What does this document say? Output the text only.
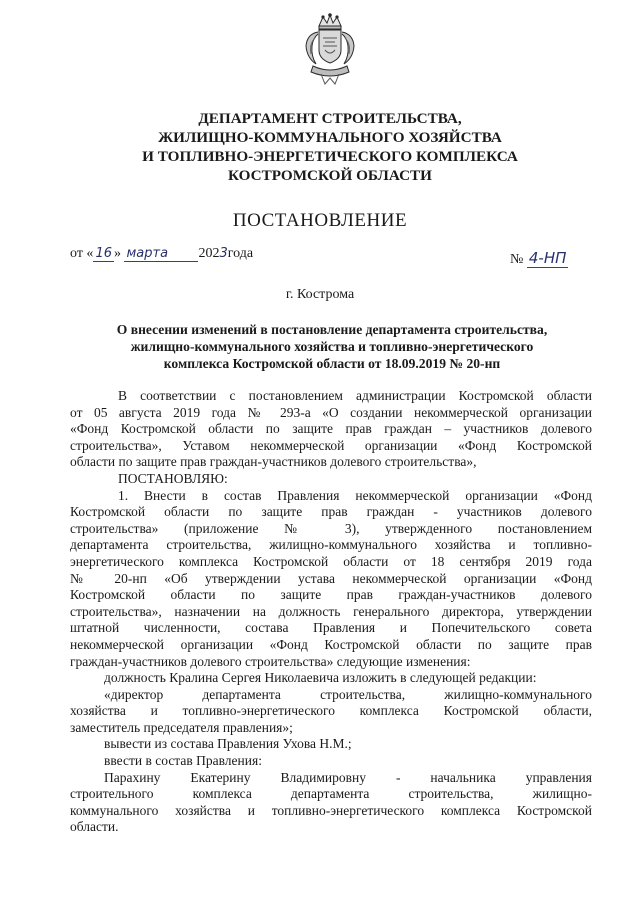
ДЕПАРТАМЕНТ СТРОИТЕЛЬСТВА,
ЖИЛИЩНО-КОММУНАЛЬНОГО ХОЗЯЙСТВА
И ТОПЛИВНО-ЭНЕРГЕТИЧЕСКОГО КОМПЛЕКСА
КОСТРОМСКОЙ ОБЛАСТИ
ПОСТАНОВЛЕНИЕ
от « 16 » марта 2023года	№ 4-НП
г. Кострома
О внесении изменений в постановление департамента строительства,
жилищно-коммунального хозяйства и топливно-энергетического
комплекса Костромской области от 18.09.2019 № 20-нп

В соответствии с постановлением администрации Костромской области

от 05 августа 2019 года № 293-а «О создании некоммерческой организации

«Фонд Костромской области по защите прав граждан – участников долевого

строительства», Уставом некоммерческой организации «Фонд Костромской

области по защите прав граждан-участников долевого строительства»,

ПОСТАНОВЛЯЮ:

1. Внести в состав Правления некоммерческой организации «Фонд

Костромской области по защите прав граждан - участников долевого

строительства» (приложение № 3), утвержденного постановлением

департамента строительства, жилищно-коммунального хозяйства и топливно-

энергетического комплекса Костромской области от 18 сентября 2019 года

№ 20-нп «Об утверждении устава некоммерческой организации «Фонд

Костромской области по защите прав граждан-участников долевого

строительства», назначении на должность генерального директора, утверждении

штатной численности, состава Правления и Попечительского совета

некоммерческой организации «Фонд Костромской области по защите прав

граждан-участников долевого строительства» следующие изменения:

должность Кралина Сергея Николаевича изложить в следующей редакции:

«директор департамента строительства, жилищно-коммунального

хозяйства и топливно-энергетического комплекса Костромской области,

заместитель председателя правления»;

вывести из состава Правления Ухова Н.М.;

ввести в состав Правления:

Парахину Екатерину Владимировну - начальника управления

строительного комплекса департамента строительства, жилищно-

коммунального хозяйства и топливно-энергетического комплекса Костромской

области.
